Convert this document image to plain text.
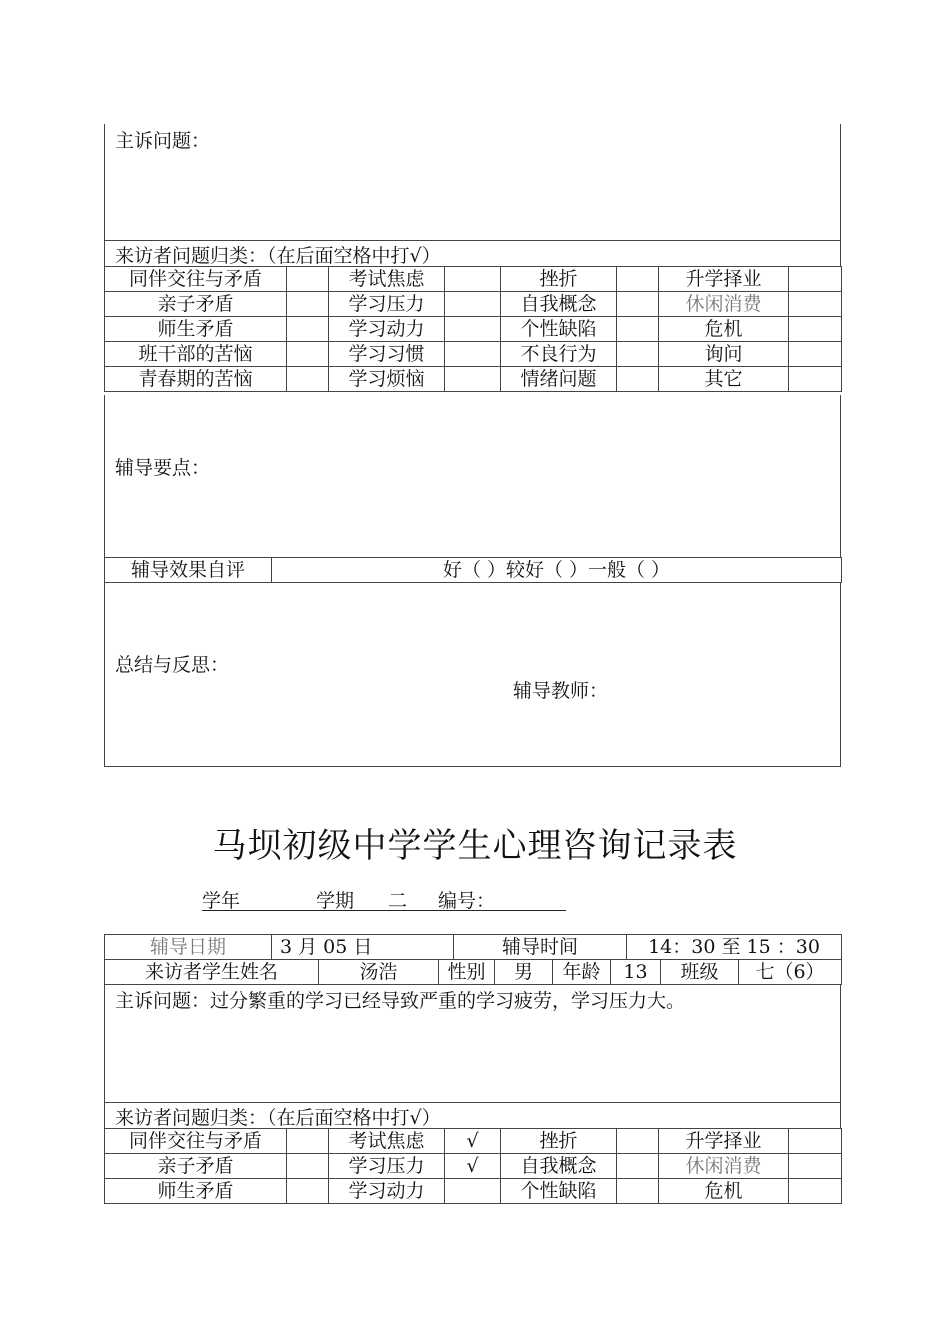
主诉问题：
来访者问题归类：（在后面空格中打√）
同伴交往与矛盾		考试焦虑		挫折		升学择业	
亲子矛盾		学习压力		自我概念		休闲消费	
师生矛盾		学习动力		个性缺陷		危机	
班干部的苦恼		学习习惯		不良行为		询问	
青春期的苦恼		学习烦恼		情绪问题		其它	
辅导要点：
辅导效果自评	好（ ）较好（ ）一般（ ）
总结与反思：
辅导教师：
马坝初级中学学生心理咨询记录表
学年	学期 二 编号：
辅导日期	3 月 05 日	辅导时间	14：30 至 15 ：30
来访者学生姓名	汤浩	性别	男	年龄	13	班级	七（6）
主诉问题：过分繁重的学习已经导致严重的学习疲劳，学习压力大。
来访者问题归类：（在后面空格中打√）
同伴交往与矛盾		考试焦虑	√	挫折		升学择业	
亲子矛盾		学习压力	√	自我概念		休闲消费	
师生矛盾		学习动力		个性缺陷		危机	
